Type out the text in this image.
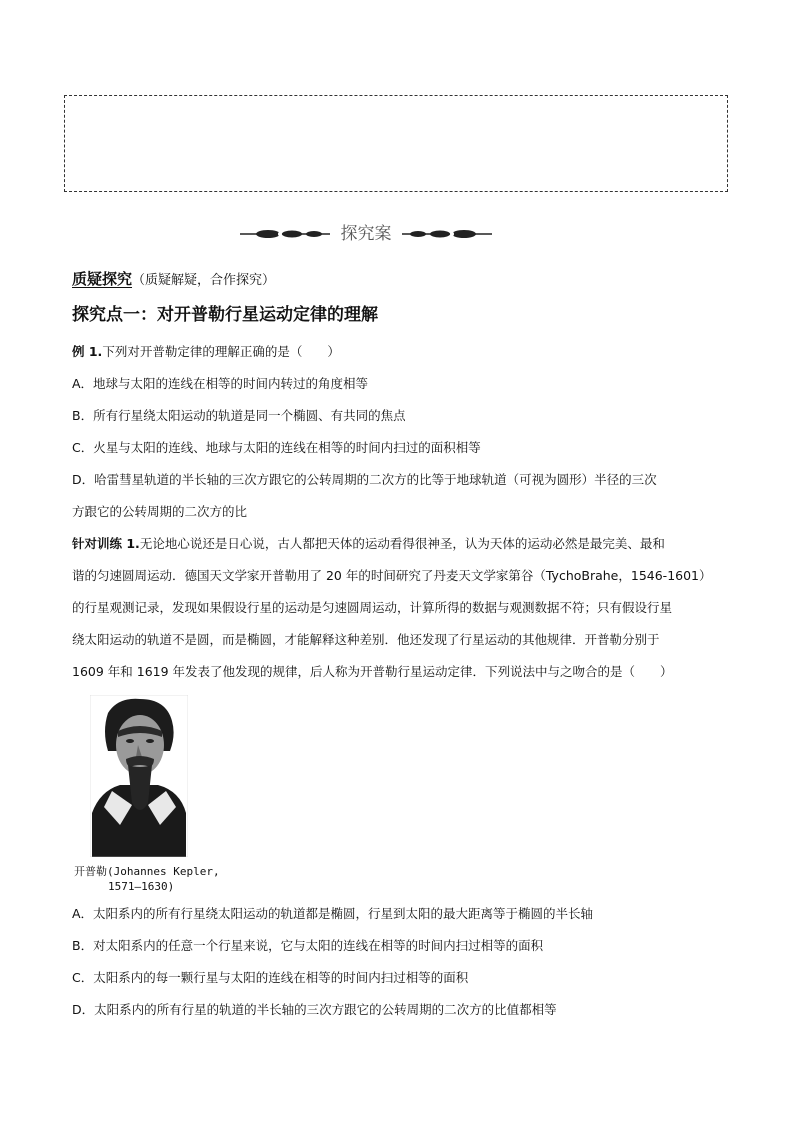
探究案
质疑探究（质疑解疑，合作探究）
探究点一：对开普勒行星运动定律的理解
例 1.下列对开普勒定律的理解正确的是（　　）
A．地球与太阳的连线在相等的时间内转过的角度相等
B．所有行星绕太阳运动的轨道是同一个椭圆、有共同的焦点
C．火星与太阳的连线、地球与太阳的连线在相等的时间内扫过的面积相等
D．哈雷彗星轨道的半长轴的三次方跟它的公转周期的二次方的比等于地球轨道（可视为圆形）半径的三次
方跟它的公转周期的二次方的比
针对训练 1.无论地心说还是日心说，古人都把天体的运动看得很神圣，认为天体的运动必然是最完美、最和
谐的匀速圆周运动．德国天文学家开普勒用了 20 年的时间研究了丹麦天文学家第谷（TychoBrahe，1546-1601）
的行星观测记录，发现如果假设行星的运动是匀速圆周运动，计算所得的数据与观测数据不符；只有假设行星
绕太阳运动的轨道不是圆，而是椭圆，才能解释这种差别．他还发现了行星运动的其他规律．开普勒分别于
1609 年和 1619 年发表了他发现的规律，后人称为开普勒行星运动定律．下列说法中与之吻合的是（　　）
开普勒(Johannes Kepler,
1571—1630)
A．太阳系内的所有行星绕太阳运动的轨道都是椭圆，行星到太阳的最大距离等于椭圆的半长轴
B．对太阳系内的任意一个行星来说，它与太阳的连线在相等的时间内扫过相等的面积
C．太阳系内的每一颗行星与太阳的连线在相等的时间内扫过相等的面积
D．太阳系内的所有行星的轨道的半长轴的三次方跟它的公转周期的二次方的比值都相等
